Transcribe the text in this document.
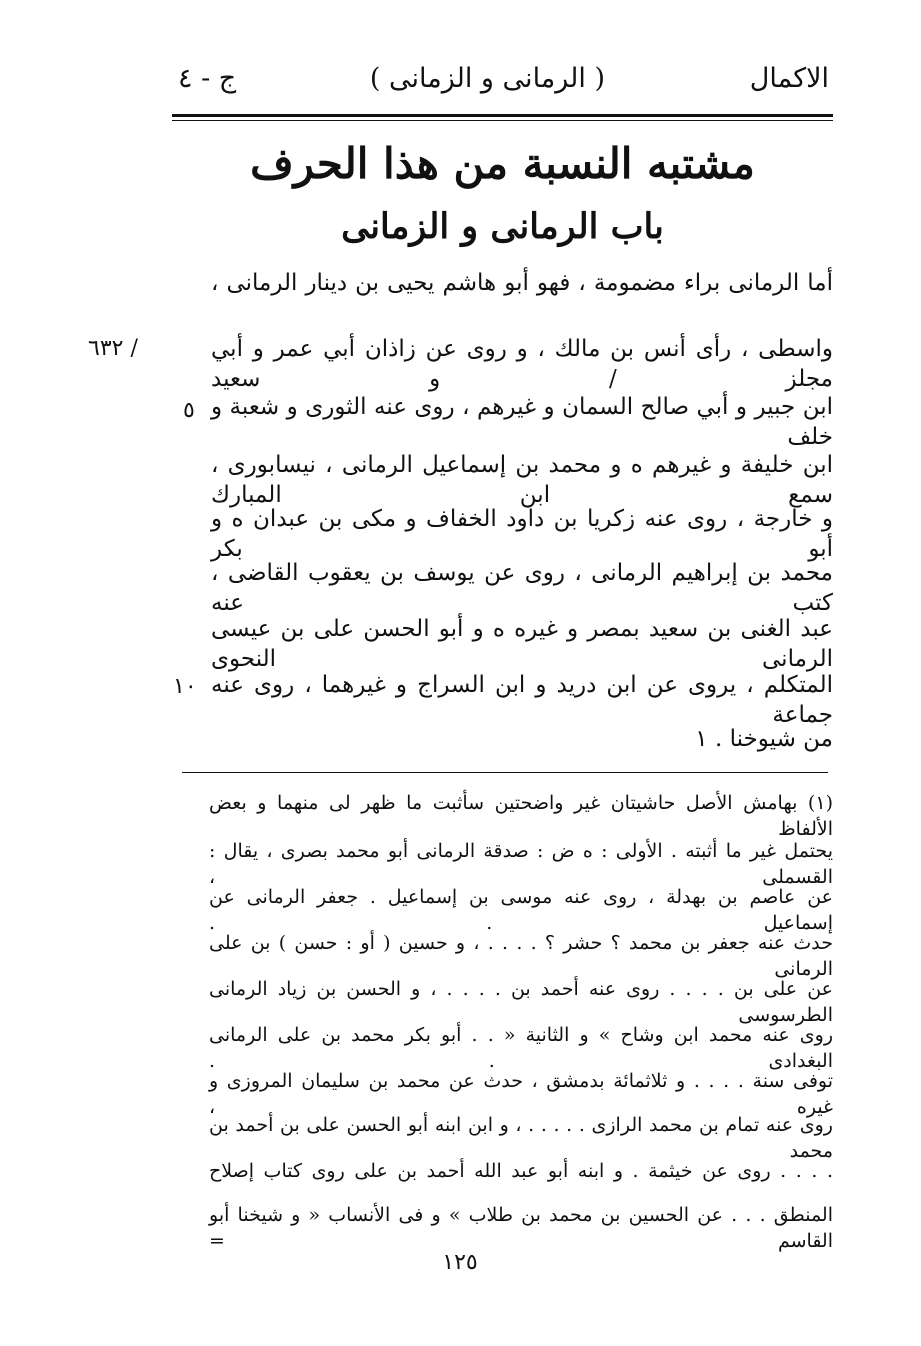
الاكمال
( الرمانى و الزمانى )
ج - ٤
مشتبه النسبة من هذا الحرف
باب الرمانى و الزمانى
أما الرمانى براء مضمومة ، فهو أبو هاشم يحيى بن دينار الرمانى ،
واسطى ، رأى أنس بن مالك ، و روى عن زاذان أبي عمر و أبي مجلز / و سعيد
ابن جبير و أبي صالح السمان و غيرهم ، روى عنه الثورى و شعبة و خلف
ابن خليفة و غيرهم ه و محمد بن إسماعيل الرمانى ، نيسابورى ، سمع ابن المبارك
و خارجة ، روى عنه زكريا بن داود الخفاف و مكى بن عبدان ه و أبو بكر
محمد بن إبراهيم الرمانى ، روى عن يوسف بن يعقوب القاضى ، كتب عنه
عبد الغنى بن سعيد بمصر و غيره ه و أبو الحسن على بن عيسى الرمانى النحوى
المتكلم ، يروى عن ابن دريد و ابن السراج و غيرهما ، روى عنه جماعة
من شيوخنا . ١
/ ٦٣٢
٥
١٠
(١) بهامش الأصل حاشيتان غير واضحتين سأثبت ما ظهر لى منهما و بعض الألفاظ
يحتمل غير ما أثبته . الأولى : ه ض : صدقة الرمانى أبو محمد بصرى ، يقال : القسملى ،
عن عاصم بن بهدلة ، روى عنه موسى بن إسماعيل . جعفر الرمانى عن إسماعيل . .
حدث عنه جعفر بن محمد ؟ حشر ؟ . . . . ، و حسين ( أو : حسن ) بن على الرمانى
عن على بن . . . . روى عنه أحمد بن . . . . ، و الحسن بن زياد الرمانى الطرسوسى
روى عنه محمد ابن وشاح » و الثانية « . . أبو بكر محمد بن على الرمانى البغدادى . .
توفى سنة . . . . و ثلاثمائة بدمشق ، حدث عن محمد بن سليمان المروزى و غيره ،
روى عنه تمام بن محمد الرازى . . . . . ، و ابن ابنه أبو الحسن على بن أحمد بن محمد
. . . . روى عن خيثمة . و ابنه أبو عبد الله أحمد بن على روى كتاب إصلاح
المنطق . . . عن الحسين بن محمد بن طلاب » و فى الأنساب « و شيخنا أبو القاسم =
١٢٥
